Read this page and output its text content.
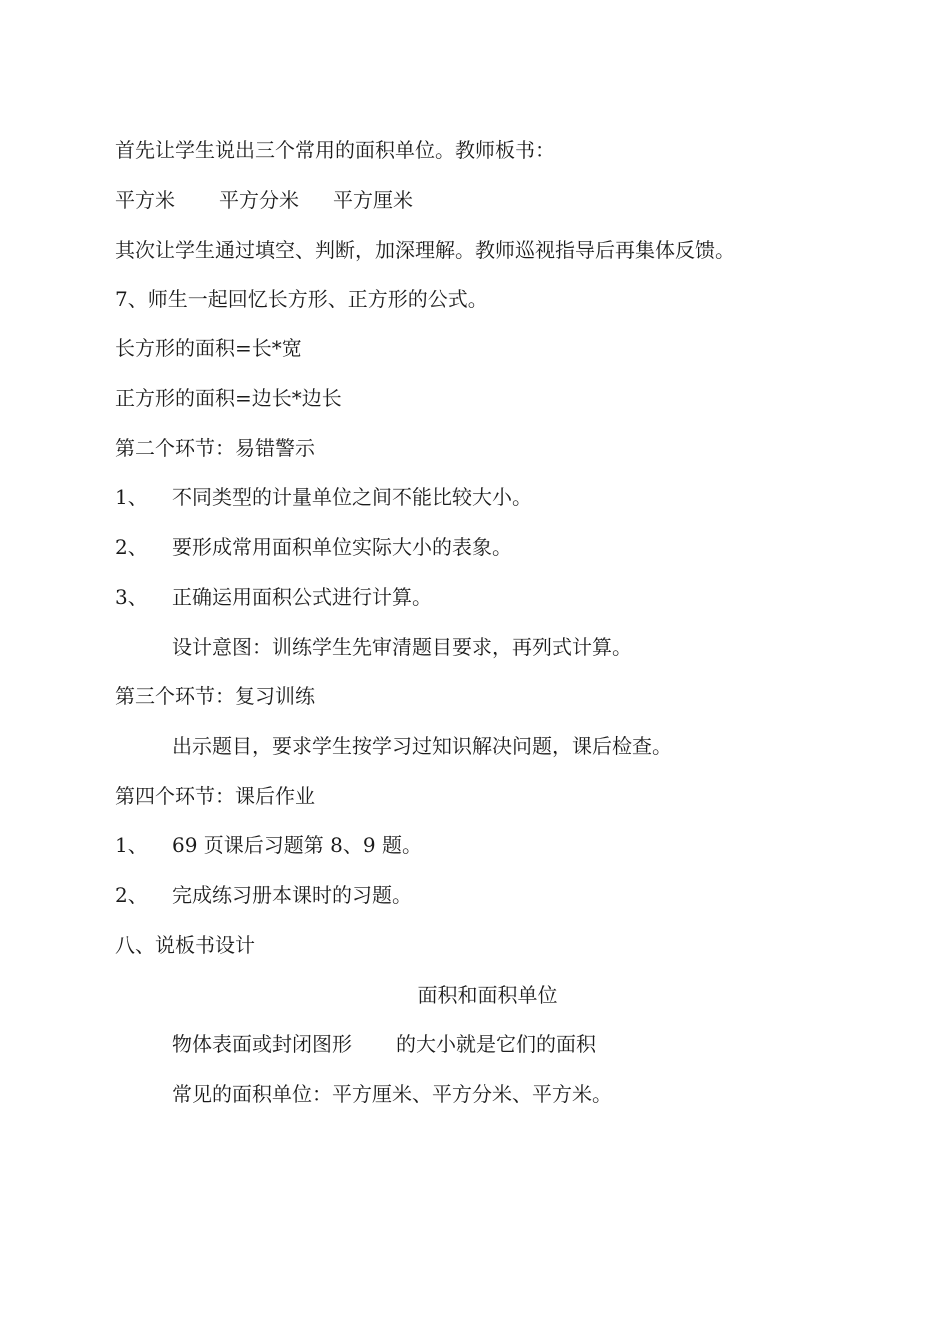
首先让学生说出三个常用的面积单位。教师板书：
平方米 平方分米 平方厘米
其次让学生通过填空、判断，加深理解。教师巡视指导后再集体反馈。
7、师生一起回忆长方形、正方形的公式。
长方形的面积=长*宽
正方形的面积=边长*边长
第二个环节：易错警示
1、 不同类型的计量单位之间不能比较大小。
2、 要形成常用面积单位实际大小的表象。
3、 正确运用面积公式进行计算。
设计意图：训练学生先审清题目要求，再列式计算。
第三个环节：复习训练
出示题目，要求学生按学习过知识解决问题，课后检查。
第四个环节：课后作业
1、 69 页课后习题第 8、9 题。
2、 完成练习册本课时的习题。
八、说板书设计
面积和面积单位
物体表面或封闭图形 的大小就是它们的面积
常见的面积单位：平方厘米、平方分米、平方米。
